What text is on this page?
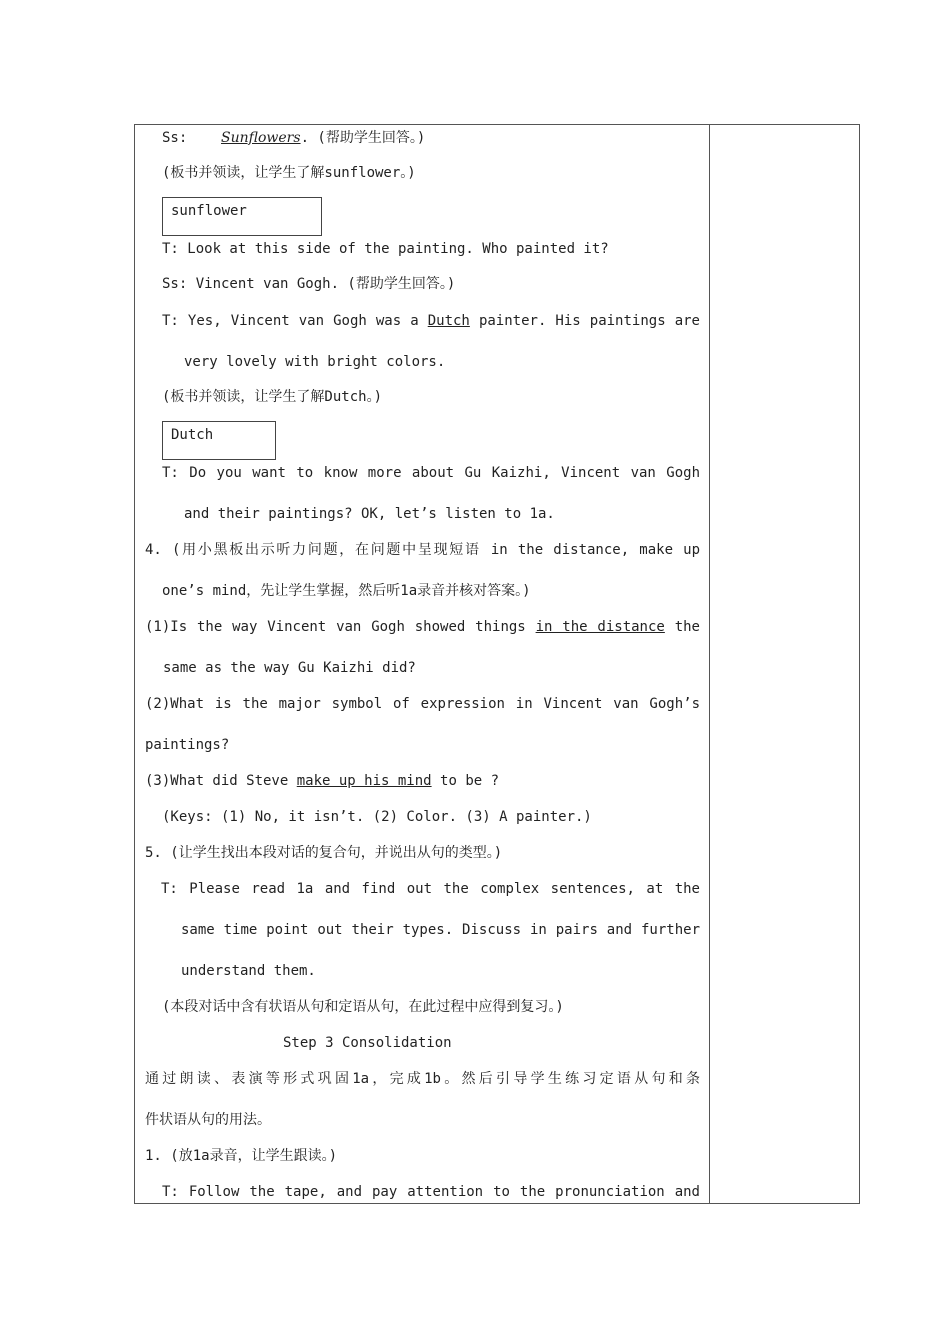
Ss: Sunflowers. (帮助学生回答。)
(板书并领读，让学生了解sunflower。)
sunflower
T: Look at this side of the painting. Who painted it?
Ss: Vincent van Gogh. (帮助学生回答。)
T: Yes, Vincent van Gogh was a Dutch painter. His paintings are
very lovely with bright colors.
(板书并领读，让学生了解Dutch。)
Dutch
T: Do you want to know more about Gu Kaizhi, Vincent van Gogh
and their paintings? OK, let’s listen to 1a.
4. (用小黑板出示听力问题，在问题中呈现短语 in the distance, make up
one’s mind，先让学生掌握，然后听1a录音并核对答案。)
(1)Is the way Vincent van Gogh showed things in the distance the
same as the way Gu Kaizhi did?
(2)What is the major symbol of expression in Vincent van Gogh’s
paintings?
(3)What did Steve make up his mind to be ?
(Keys: (1) No, it isn’t. (2) Color. (3) A painter.)
5. (让学生找出本段对话的复合句，并说出从句的类型。)
T: Please read 1a and find out the complex sentences, at the
same time point out their types. Discuss in pairs and further
understand them.
(本段对话中含有状语从句和定语从句，在此过程中应得到复习。)
Step 3 Consolidation
通过朗读、表演等形式巩固1a，完成1b。然后引导学生练习定语从句和条
件状语从句的用法。
1. (放1a录音，让学生跟读。)
T: Follow the tape, and pay attention to the pronunciation and
